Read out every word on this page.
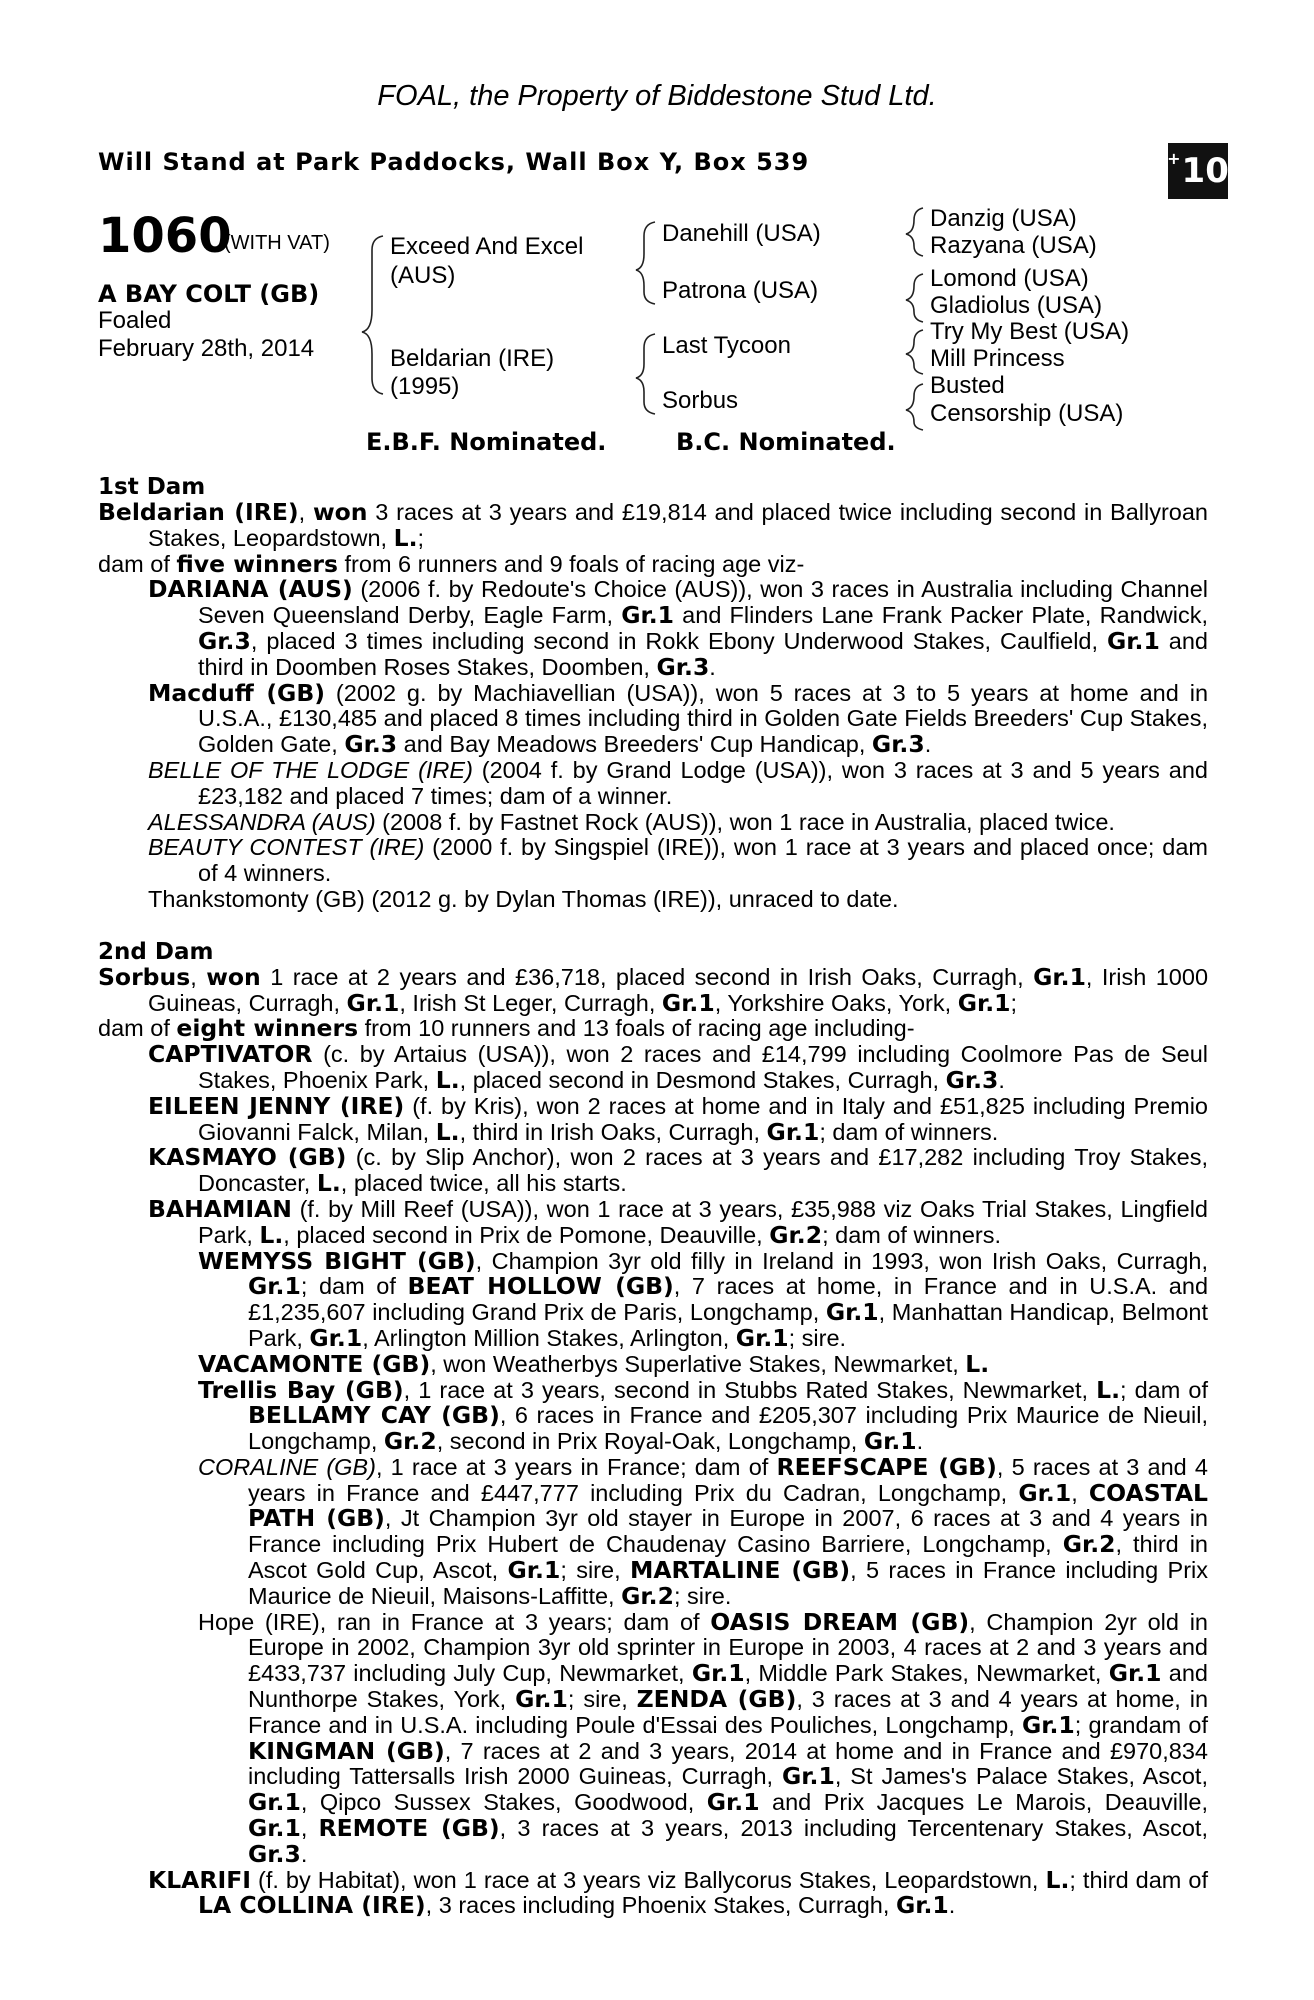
FOAL, the Property of Biddestone Stud Ltd.
Will Stand at Park Paddocks, Wall Box Y, Box 539	+ 10
1060
(WITH VAT)
A BAY COLT (GB)
Foaled
February 28th, 2014
Exceed And Excel
(AUS)
Beldarian (IRE)
(1995)
Danehill (USA)
Patrona (USA)
Last Tycoon
Sorbus
Danzig (USA)
Razyana (USA)
Lomond (USA)
Gladiolus (USA)
Try My Best (USA)
Mill Princess
Busted
Censorship (USA)
E.B.F. Nominated.	B.C. Nominated.
1st Dam
Beldarian (IRE), won 3 races at 3 years and £19,814 and placed twice including second in Ballyroan Stakes, Leopardstown, L.;
dam of five winners from 6 runners and 9 foals of racing age viz-
DARIANA (AUS) (2006 f. by Redoute's Choice (AUS)), won 3 races in Australia including Channel Seven Queensland Derby, Eagle Farm, Gr.1 and Flinders Lane Frank Packer Plate, Randwick, Gr.3, placed 3 times including second in Rokk Ebony Underwood Stakes, Caulfield, Gr.1 and third in Doomben Roses Stakes, Doomben, Gr.3.
Macduff (GB) (2002 g. by Machiavellian (USA)), won 5 races at 3 to 5 years at home and in U.S.A., £130,485 and placed 8 times including third in Golden Gate Fields Breeders' Cup Stakes, Golden Gate, Gr.3 and Bay Meadows Breeders' Cup Handicap, Gr.3.
BELLE OF THE LODGE (IRE) (2004 f. by Grand Lodge (USA)), won 3 races at 3 and 5 years and £23,182 and placed 7 times; dam of a winner.
ALESSANDRA (AUS) (2008 f. by Fastnet Rock (AUS)), won 1 race in Australia, placed twice.
BEAUTY CONTEST (IRE) (2000 f. by Singspiel (IRE)), won 1 race at 3 years and placed once; dam of 4 winners.
Thankstomonty (GB) (2012 g. by Dylan Thomas (IRE)), unraced to date.
2nd Dam
Sorbus, won 1 race at 2 years and £36,718, placed second in Irish Oaks, Curragh, Gr.1, Irish 1000 Guineas, Curragh, Gr.1, Irish St Leger, Curragh, Gr.1, Yorkshire Oaks, York, Gr.1;
dam of eight winners from 10 runners and 13 foals of racing age including-
CAPTIVATOR (c. by Artaius (USA)), won 2 races and £14,799 including Coolmore Pas de Seul Stakes, Phoenix Park, L., placed second in Desmond Stakes, Curragh, Gr.3.
EILEEN JENNY (IRE) (f. by Kris), won 2 races at home and in Italy and £51,825 including Premio Giovanni Falck, Milan, L., third in Irish Oaks, Curragh, Gr.1; dam of winners.
KASMAYO (GB) (c. by Slip Anchor), won 2 races at 3 years and £17,282 including Troy Stakes, Doncaster, L., placed twice, all his starts.
BAHAMIAN (f. by Mill Reef (USA)), won 1 race at 3 years, £35,988 viz Oaks Trial Stakes, Lingfield Park, L., placed second in Prix de Pomone, Deauville, Gr.2; dam of winners.
WEMYSS BIGHT (GB), Champion 3yr old filly in Ireland in 1993, won Irish Oaks, Curragh, Gr.1; dam of BEAT HOLLOW (GB), 7 races at home, in France and in U.S.A. and £1,235,607 including Grand Prix de Paris, Longchamp, Gr.1, Manhattan Handicap, Belmont Park, Gr.1, Arlington Million Stakes, Arlington, Gr.1; sire.
VACAMONTE (GB), won Weatherbys Superlative Stakes, Newmarket, L.
Trellis Bay (GB), 1 race at 3 years, second in Stubbs Rated Stakes, Newmarket, L.; dam of BELLAMY CAY (GB), 6 races in France and £205,307 including Prix Maurice de Nieuil, Longchamp, Gr.2, second in Prix Royal-Oak, Longchamp, Gr.1.
CORALINE (GB), 1 race at 3 years in France; dam of REEFSCAPE (GB), 5 races at 3 and 4 years in France and £447,777 including Prix du Cadran, Longchamp, Gr.1, COASTAL PATH (GB), Jt Champion 3yr old stayer in Europe in 2007, 6 races at 3 and 4 years in France including Prix Hubert de Chaudenay Casino Barriere, Longchamp, Gr.2, third in Ascot Gold Cup, Ascot, Gr.1; sire, MARTALINE (GB), 5 races in France including Prix Maurice de Nieuil, Maisons-Laffitte, Gr.2; sire.
Hope (IRE), ran in France at 3 years; dam of OASIS DREAM (GB), Champion 2yr old in Europe in 2002, Champion 3yr old sprinter in Europe in 2003, 4 races at 2 and 3 years and £433,737 including July Cup, Newmarket, Gr.1, Middle Park Stakes, Newmarket, Gr.1 and Nunthorpe Stakes, York, Gr.1; sire, ZENDA (GB), 3 races at 3 and 4 years at home, in France and in U.S.A. including Poule d'Essai des Pouliches, Longchamp, Gr.1; grandam of KINGMAN (GB), 7 races at 2 and 3 years, 2014 at home and in France and £970,834 including Tattersalls Irish 2000 Guineas, Curragh, Gr.1, St James's Palace Stakes, Ascot, Gr.1, Qipco Sussex Stakes, Goodwood, Gr.1 and Prix Jacques Le Marois, Deauville, Gr.1, REMOTE (GB), 3 races at 3 years, 2013 including Tercentenary Stakes, Ascot, Gr.3.
KLARIFI (f. by Habitat), won 1 race at 3 years viz Ballycorus Stakes, Leopardstown, L.; third dam of LA COLLINA (IRE), 3 races including Phoenix Stakes, Curragh, Gr.1.
